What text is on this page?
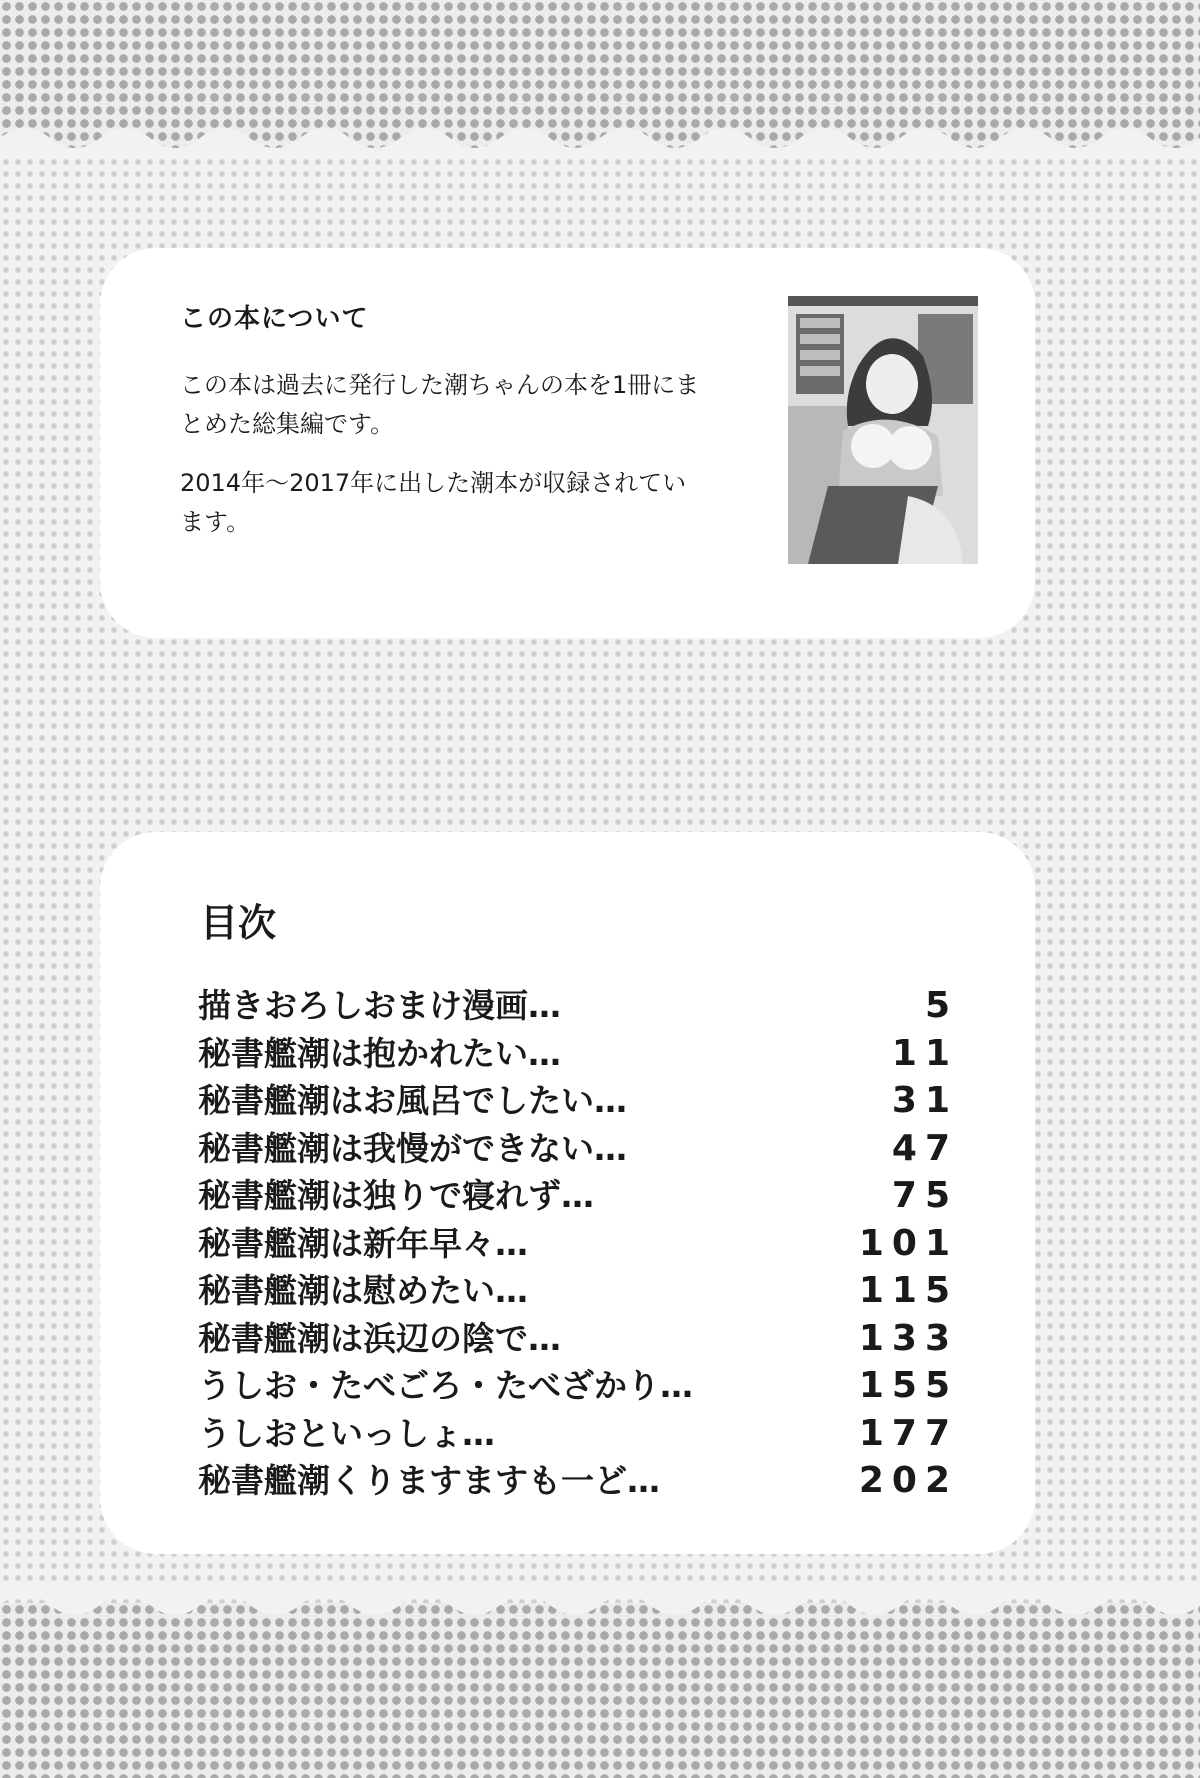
この本について

この本は過去に発行した潮ちゃんの本を1冊にまとめた総集編です。

2014年～2017年に出した潮本が収録されています。

目次
描きおろしおまけ漫画…	5
秘書艦潮は抱かれたい…	11
秘書艦潮はお風呂でしたい…	31
秘書艦潮は我慢ができない…	47
秘書艦潮は独りで寝れず…	75
秘書艦潮は新年早々…	101
秘書艦潮は慰めたい…	115
秘書艦潮は浜辺の陰で…	133
うしお・たべごろ・たべざかり…	155
うしおといっしょ…	177
秘書艦潮くりますますも一ど…	202
